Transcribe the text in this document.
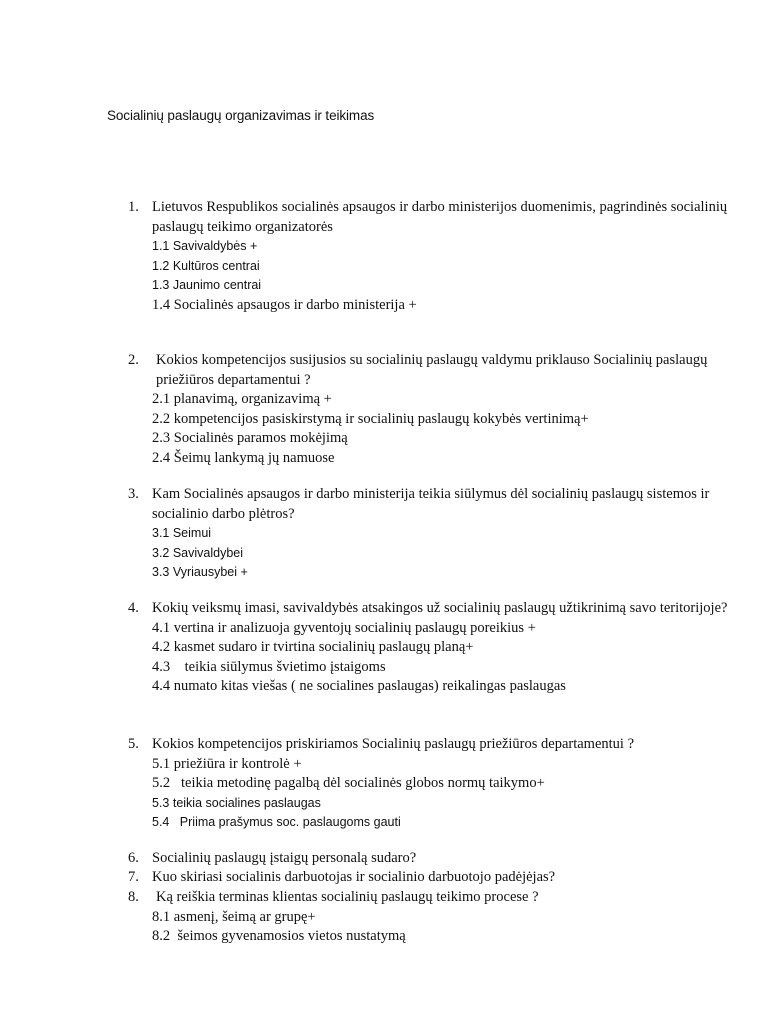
Socialinių paslaugų organizavimas ir teikimas
1. Lietuvos Respublikos socialinės apsaugos ir darbo ministerijos duomenimis, pagrindinės socialinių paslaugų teikimo organizatorės
1.1 Savivaldybės +
1.2 Kultūros centrai
1.3 Jaunimo centrai
1.4 Socialinės apsaugos ir darbo ministerija +
2. Kokios kompetencijos susijusios su socialinių paslaugų valdymu priklauso Socialinių paslaugų priežiūros departamentui ?
2.1 planavimą, organizavimą +
2.2 kompetencijos pasiskirstymą ir socialinių paslaugų kokybės vertinimą+
2.3 Socialinės paramos mokėjimą
2.4 Šeimų lankymą jų namuose
3. Kam Socialinės apsaugos ir darbo ministerija teikia siūlymus dėl socialinių paslaugų sistemos ir socialinio darbo plėtros?
3.1 Seimui
3.2 Savivaldybei
3.3 Vyriausybei +
4. Kokių veiksmų imasi, savivaldybės atsakingos už socialinių paslaugų užtikrinimą savo teritorijoje?
4.1 vertina ir analizuoja gyventojų socialinių paslaugų poreikius +
4.2 kasmet sudaro ir tvirtina socialinių paslaugų planą+
4.3    teikia siūlymus švietimo įstaigoms
4.4 numato kitas viešas ( ne socialines paslaugas) reikalingas paslaugas
5. Kokios kompetencijos priskiriamos Socialinių paslaugų priežiūros departamentui ?
5.1 priežiūra ir kontrolė +
5.2   teikia metodinę pagalbą dėl socialinės globos normų taikymo+
5.3 teikia socialines paslaugas
5.4   Priima prašymus soc. paslaugoms gauti
6. Socialinių paslaugų įstaigų personalą sudaro?
7. Kuo skiriasi socialinis darbuotojas ir socialinio darbuotojo padėjėjas?
8. Ką reiškia terminas klientas socialinių paslaugų teikimo procese ?
8.1 asmenį, šeimą ar grupę+
8.2  šeimos gyvenamosios vietos nustatymą
